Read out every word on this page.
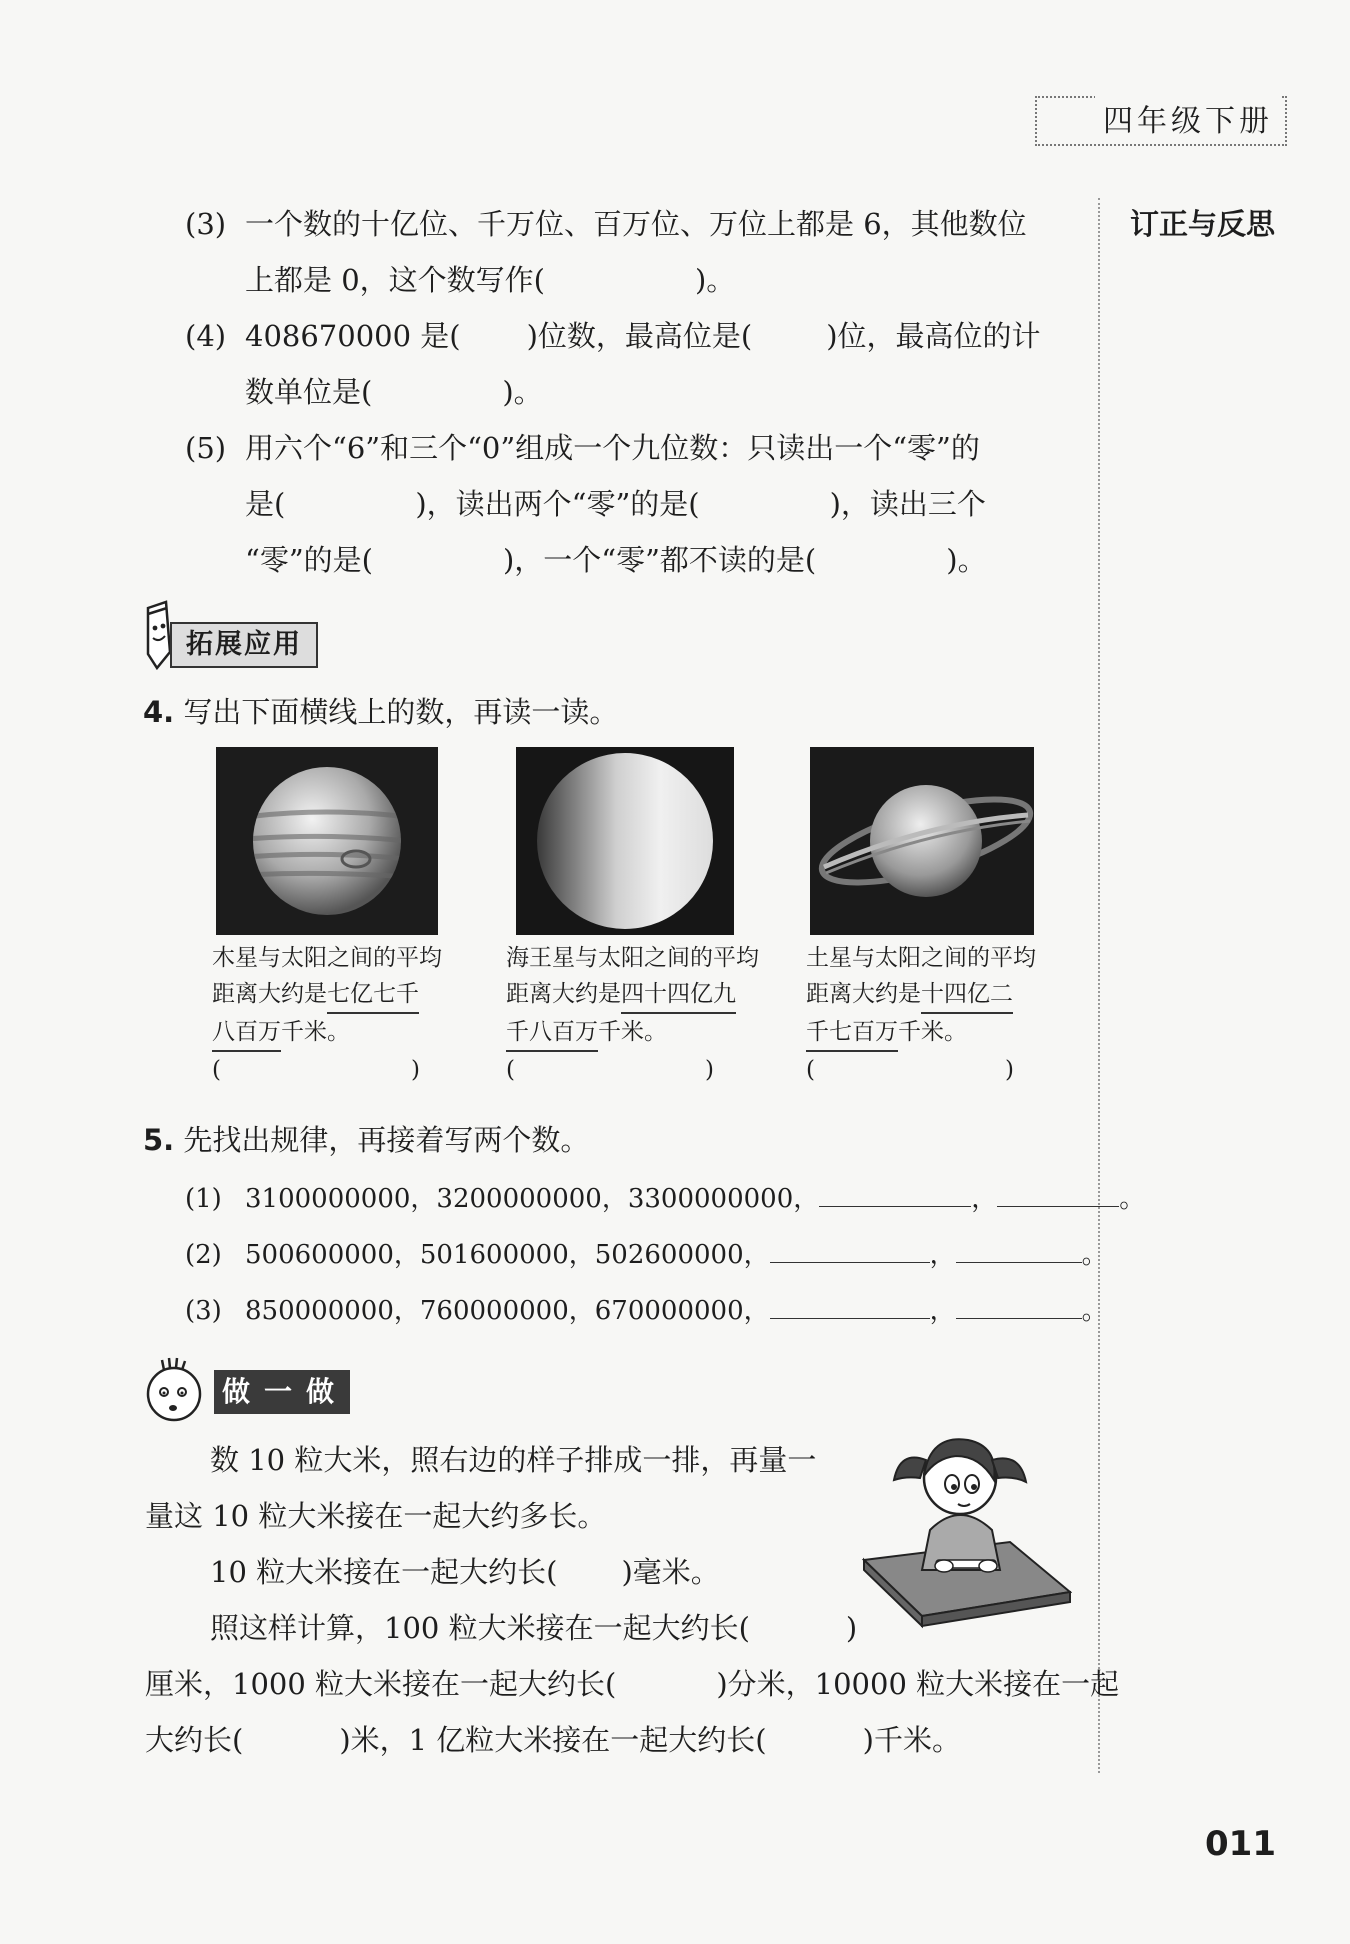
四年级下册
订正与反思
(3) 一个数的十亿位、千万位、百万位、万位上都是 6，其他数位
上都是 0，这个数写作(	)。
(4) 408670000 是( )位数，最高位是(	)位，最高位的计
数单位是(	)。
(5) 用六个“6”和三个“0”组成一个九位数：只读出一个“零”的
是(	)，读出两个“零”的是(	)，读出三个
“零”的是(	)，一个“零”都不读的是(	)。
拓展应用
4. 写出下面横线上的数，再读一读。
木星与太阳之间的平均
距离大约是七亿七千
八百万千米。
(	)
海王星与太阳之间的平均
距离大约是四十四亿九
千八百万千米。
(	)
土星与太阳之间的平均
距离大约是十四亿二
千七百万千米。
(	)
5. 先找出规律，再接着写两个数。
(1) 3100000000，3200000000，3300000000，	，	。
(2) 500600000，501600000，502600000，	，	。
(3) 850000000，760000000，670000000，	，	。
做一做
数 10 粒大米，照右边的样子排成一排，再量一
量这 10 粒大米接在一起大约多长。
10 粒大米接在一起大约长( )毫米。
照这样计算，100 粒大米接在一起大约长(	)
厘米，1000 粒大米接在一起大约长(	)分米，10000 粒大米接在一起
大约长(	)米，1 亿粒大米接在一起大约长(	)千米。
011
